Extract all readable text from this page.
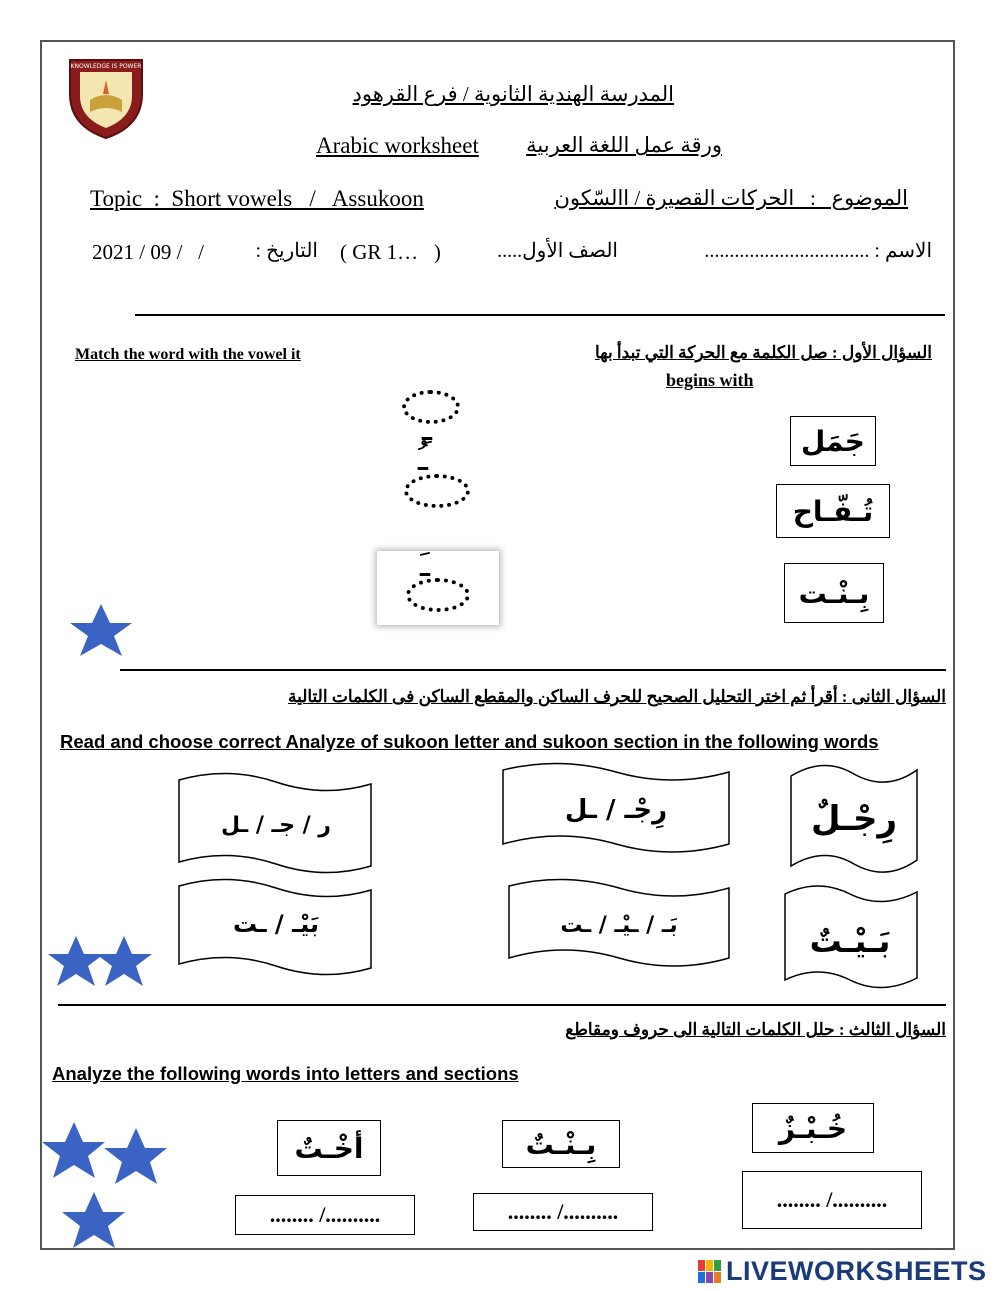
KNOWLEDGE IS POWER
المدرسة الهندية الثانوية / فرع القرهود
Arabic worksheet	ورقة عمل اللغة العربية
Topic  :  Short vowels   /   Assukoon	الموضوع   :   الحركات القصيرة / االسّكون
2021 / 09 /   /	التاريخ : ( GR 1…   )	الصف الأول.....	الاسم : .................................
Match the word with the vowel it	السؤال الأول : صل الكلمة مع الحركة التي تبدأ بها
begins with
ـِ
ـُ
ـَ
جَمَل
تُـفّـاح
بِـنْـت
السؤال الثانى : أقرأ ثم اختر التحليل الصحيح للحرف الساكن والمقطع الساكن فى الكلمات التالية
Read and choose correct Analyze of sukoon letter and sukoon section in the following words
رِجْـلٌ
رِجْـ / ـل
ر / جـ / ـل
بَـيْـتٌ
بَـ / ـيْـ / ـت
بَيْـ / ـت
السؤال الثالث : حلل الكلمات التالية الى حروف ومقاطع
Analyze the following words into letters and sections
خُـبْـزٌ
بِـنْـتٌ
أخْـتٌ
........ /..........
........ /..........
........ /..........
LIVEWORKSHEETS
